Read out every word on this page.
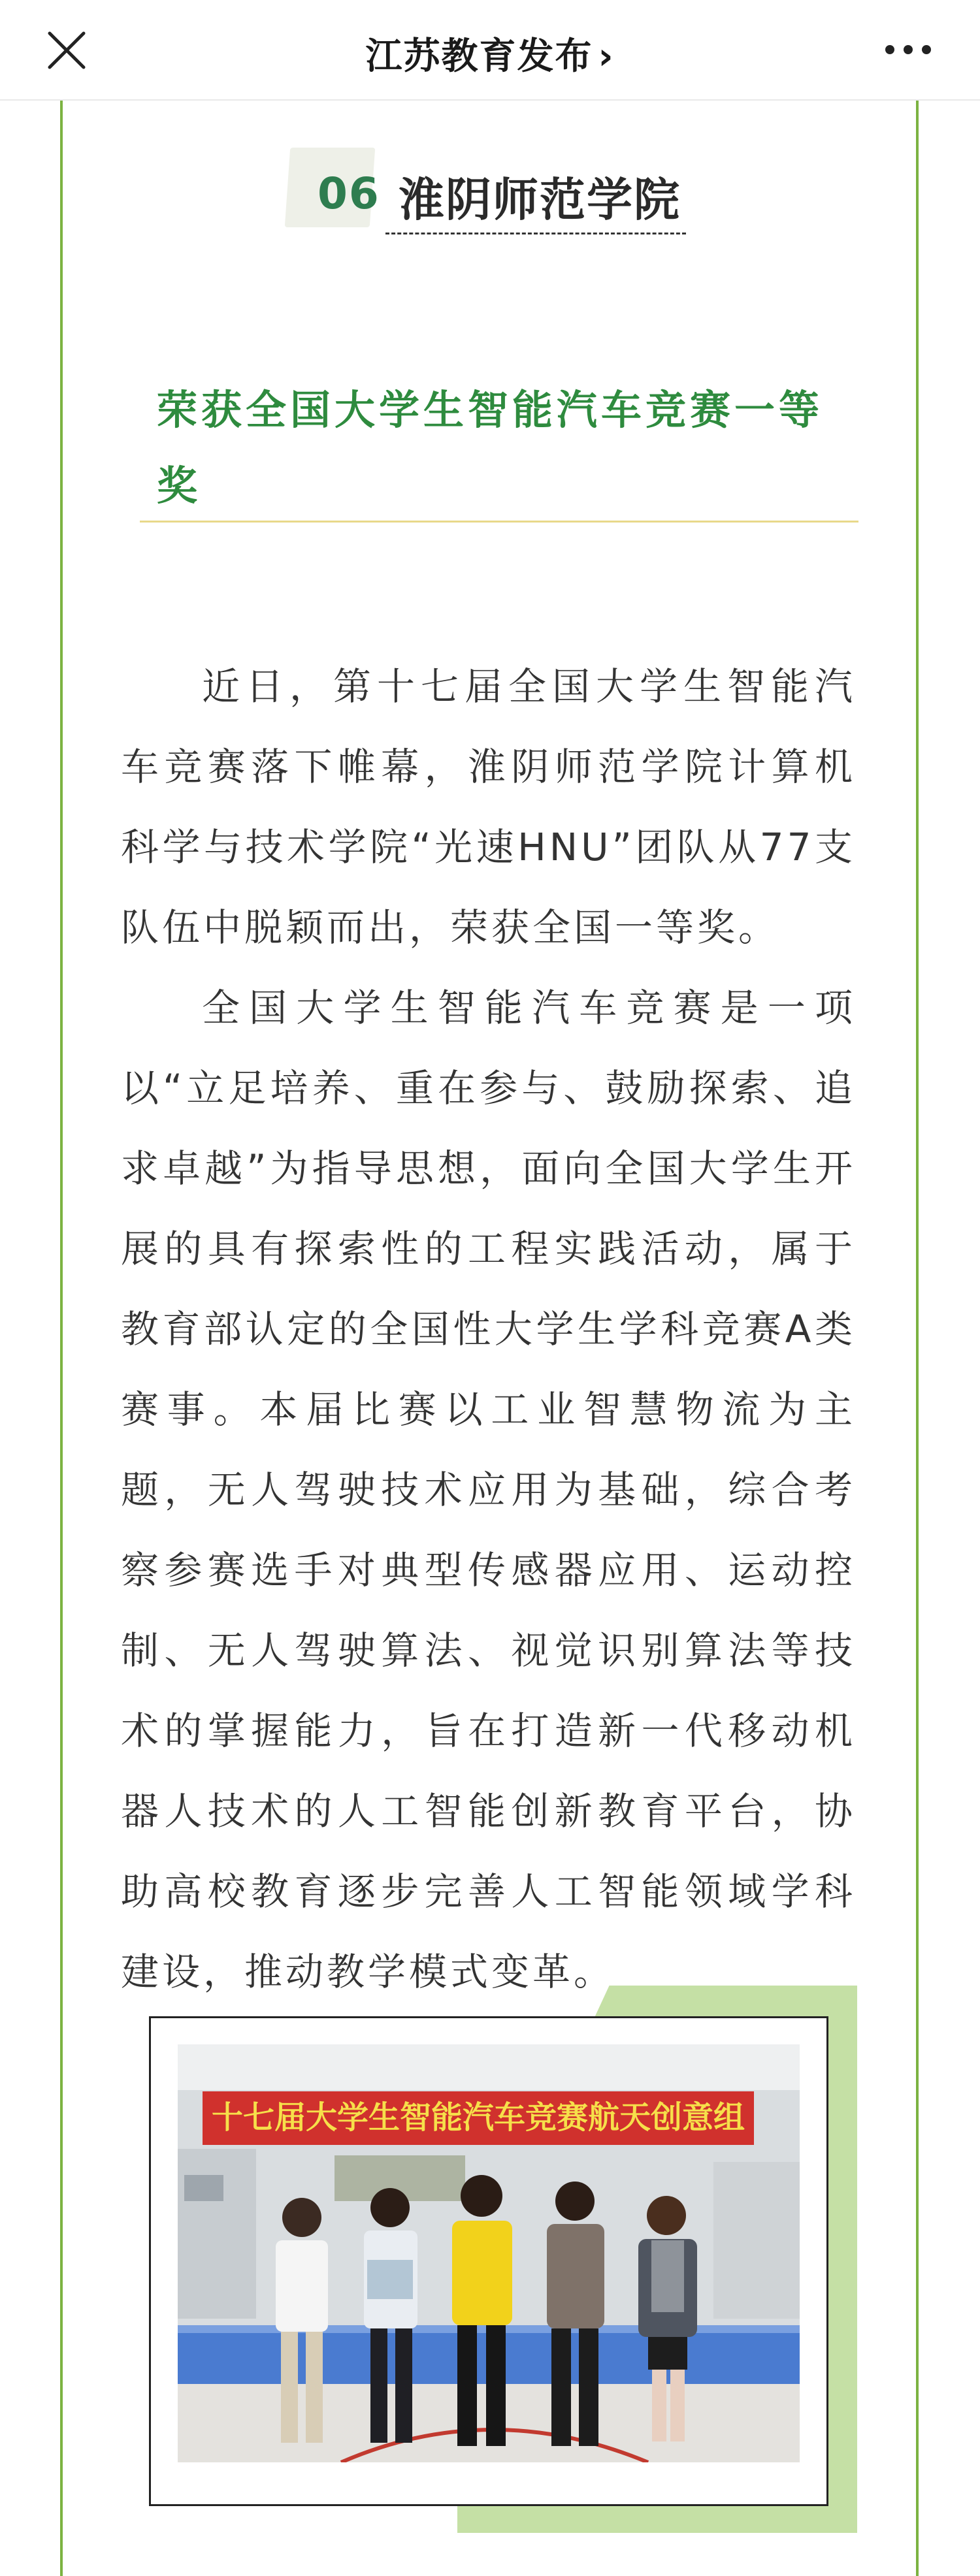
江苏教育发布 ›
06 淮阴师范学院
荣获全国大学生智能汽车竞赛一等奖

近日，第十七届全国大学生智能汽车竞赛落下帷幕，淮阴师范学院计算机科学与技术学院“光速HNU”团队从77支队伍中脱颖而出，荣获全国一等奖。

全国大学生智能汽车竞赛是一项以“立足培养、重在参与、鼓励探索、追求卓越”为指导思想，面向全国大学生开展的具有探索性的工程实践活动，属于教育部认定的全国性大学生学科竞赛A类赛事。本届比赛以工业智慧物流为主题，无人驾驶技术应用为基础，综合考察参赛选手对典型传感器应用、运动控制、无人驾驶算法、视觉识别算法等技术的掌握能力，旨在打造新一代移动机器人技术的人工智能创新教育平台，协助高校教育逐步完善人工智能领域学科建设，推动教学模式变革。

十七届大学生智能汽车竞赛航天创意组
